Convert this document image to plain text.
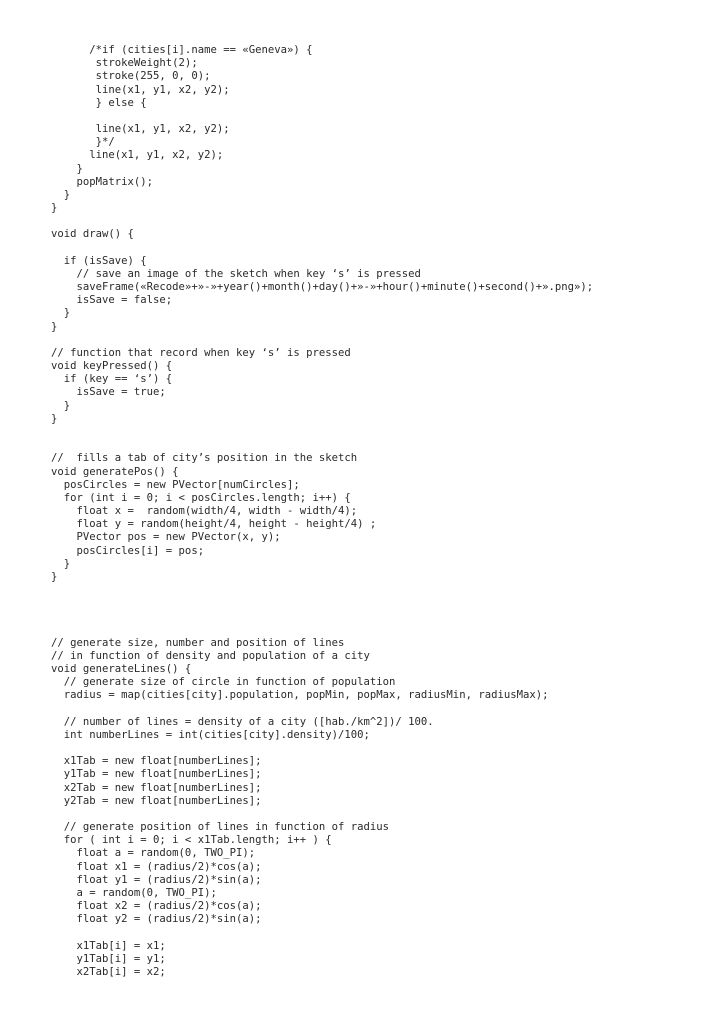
/*if (cities[i].name == «Geneva») {
strokeWeight(2);
stroke(255, 0, 0);
line(x1, y1, x2, y2);
} else {
line(x1, y1, x2, y2);
}*/
line(x1, y1, x2, y2);
}
popMatrix();
}
}
void draw() {
if (isSave) {
// save an image of the sketch when key ‘s’ is pressed
saveFrame(«Recode»+»-»+year()+month()+day()+»-»+hour()+minute()+second()+».png»);
isSave = false;
}
}
// function that record when key ‘s’ is pressed
void keyPressed() {
if (key == ‘s’) {
isSave = true;
}
}
//  fills a tab of city’s position in the sketch
void generatePos() {
posCircles = new PVector[numCircles];
for (int i = 0; i < posCircles.length; i++) {
float x =  random(width/4, width - width/4);
float y = random(height/4, height - height/4) ;
PVector pos = new PVector(x, y);
posCircles[i] = pos;
}
}
// generate size, number and position of lines
// in function of density and population of a city
void generateLines() {
// generate size of circle in function of population
radius = map(cities[city].population, popMin, popMax, radiusMin, radiusMax);
// number of lines = density of a city ([hab./km^2])/ 100.
int numberLines = int(cities[city].density)/100;
x1Tab = new float[numberLines];
y1Tab = new float[numberLines];
x2Tab = new float[numberLines];
y2Tab = new float[numberLines];
// generate position of lines in function of radius
for ( int i = 0; i < x1Tab.length; i++ ) {
float a = random(0, TWO_PI);
float x1 = (radius/2)*cos(a);
float y1 = (radius/2)*sin(a);
a = random(0, TWO_PI);
float x2 = (radius/2)*cos(a);
float y2 = (radius/2)*sin(a);
x1Tab[i] = x1;
y1Tab[i] = y1;
x2Tab[i] = x2;
